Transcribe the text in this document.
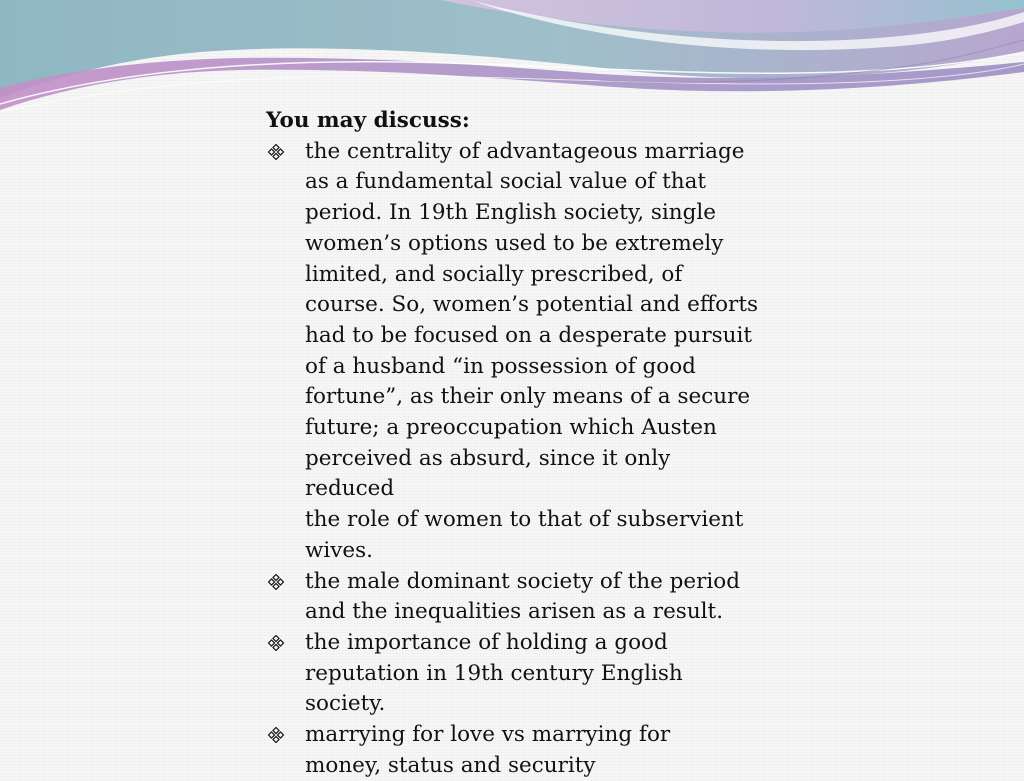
You may discuss:

the centrality of advantageous marriage
as a fundamental social value of that
period. In 19th English society, single
women’s options used to be extremely
limited, and socially prescribed, of
course. So, women’s potential and efforts
had to be focused on a desperate pursuit
of a husband “in possession of good
fortune”, as their only means of a secure
future; a preoccupation which Austen
perceived as absurd, since it only reduced
the role of women to that of subservient
wives.
the male dominant society of the period
and the inequalities arisen as a result.
the importance of holding a good
reputation in 19th century English
society.
marrying for love vs marrying for
money, status and security
